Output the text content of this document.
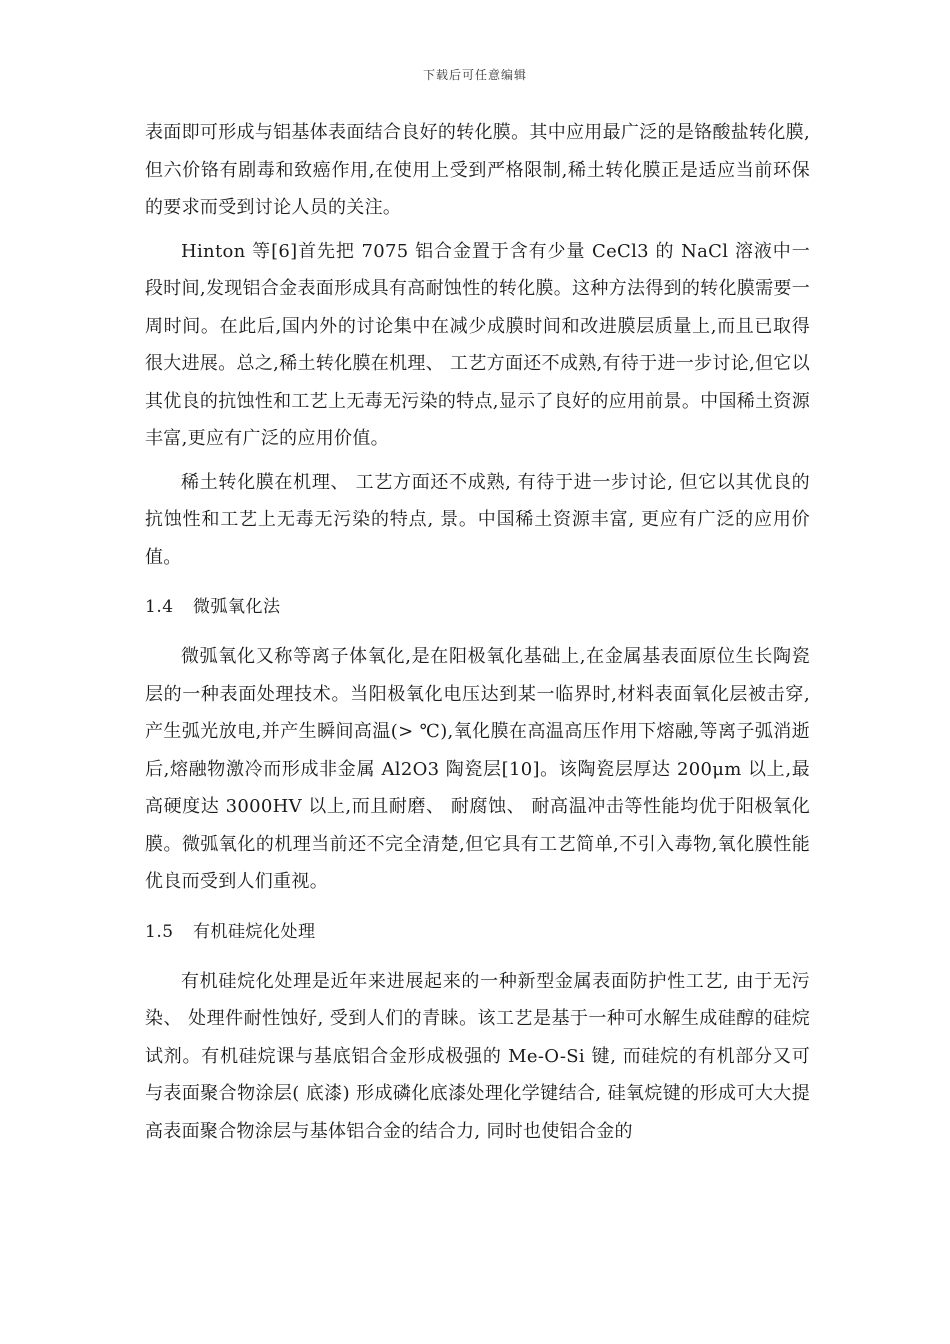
下载后可任意编辑

表面即可形成与铝基体表面结合良好的转化膜。其中应用最广泛的是铬酸盐转化膜,但六价铬有剧毒和致癌作用,在使用上受到严格限制,稀土转化膜正是适应当前环保的要求而受到讨论人员的关注。

Hinton 等[6]首先把 7075 铝合金置于含有少量 CeCl3 的 NaCl 溶液中一段时间,发现铝合金表面形成具有高耐蚀性的转化膜。这种方法得到的转化膜需要一周时间。在此后,国内外的讨论集中在减少成膜时间和改进膜层质量上,而且已取得很大进展。总之,稀土转化膜在机理、 工艺方面还不成熟,有待于进一步讨论,但它以其优良的抗蚀性和工艺上无毒无污染的特点,显示了良好的应用前景。中国稀土资源丰富,更应有广泛的应用价值。

稀土转化膜在机理、 工艺方面还不成熟, 有待于进一步讨论, 但它以其优良的抗蚀性和工艺上无毒无污染的特点, 景。中国稀土资源丰富, 更应有广泛的应用价值。

1.4 微弧氧化法

微弧氧化又称等离子体氧化,是在阳极氧化基础上,在金属基表面原位生长陶瓷层的一种表面处理技术。当阳极氧化电压达到某一临界时,材料表面氧化层被击穿,产生弧光放电,并产生瞬间高温(> ℃),氧化膜在高温高压作用下熔融,等离子弧消逝后,熔融物激冷而形成非金属 Al2O3 陶瓷层[10]。该陶瓷层厚达 200μm 以上,最高硬度达 3000HV 以上,而且耐磨、 耐腐蚀、 耐高温冲击等性能均优于阳极氧化膜。微弧氧化的机理当前还不完全清楚,但它具有工艺简单,不引入毒物,氧化膜性能优良而受到人们重视。

1.5 有机硅烷化处理

有机硅烷化处理是近年来进展起来的一种新型金属表面防护性工艺, 由于无污染、 处理件耐性蚀好, 受到人们的青睐。该工艺是基于一种可水解生成硅醇的硅烷试剂。有机硅烷课与基底铝合金形成极强的 Me-O-Si 键, 而硅烷的有机部分又可与表面聚合物涂层( 底漆) 形成磷化底漆处理化学键结合, 硅氧烷键的形成可大大提高表面聚合物涂层与基体铝合金的结合力, 同时也使铝合金的
